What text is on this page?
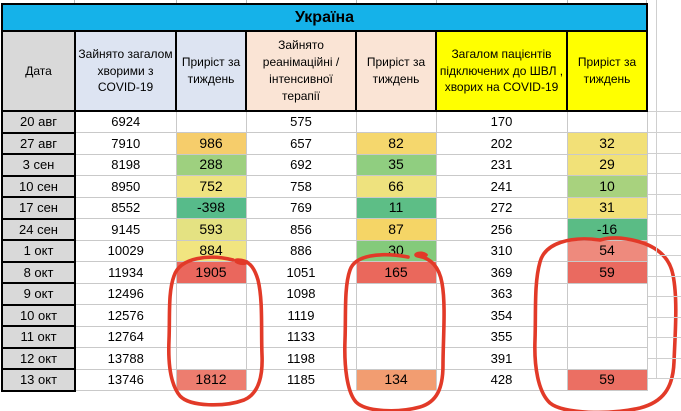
Україна						
Дата	Зайнято загалом хворими з COVID-19	Приріст за тиждень	Зайнято реанімаційні / інтенсивної терапії	Приріст за тиждень	Загалом пацієнтів підключених до ШВЛ , хворих на COVID-19	Приріст за тиждень
20 авг	6924		575		170	
27 авг	7910	986	657	82	202	32
3 сен	8198	288	692	35	231	29
10 сен	8950	752	758	66	241	10
17 сен	8552	-398	769	11	272	31
24 сен	9145	593	856	87	256	-16
1 окт	10029	884	886	30	310	54
8 окт	11934	1905	1051	165	369	59
9 окт	12496		1098		363	
10 окт	12576		1119		354	
11 окт	12764		1133		355	
12 окт	13788		1198		391	
13 окт	13746	1812	1185	134	428	59
